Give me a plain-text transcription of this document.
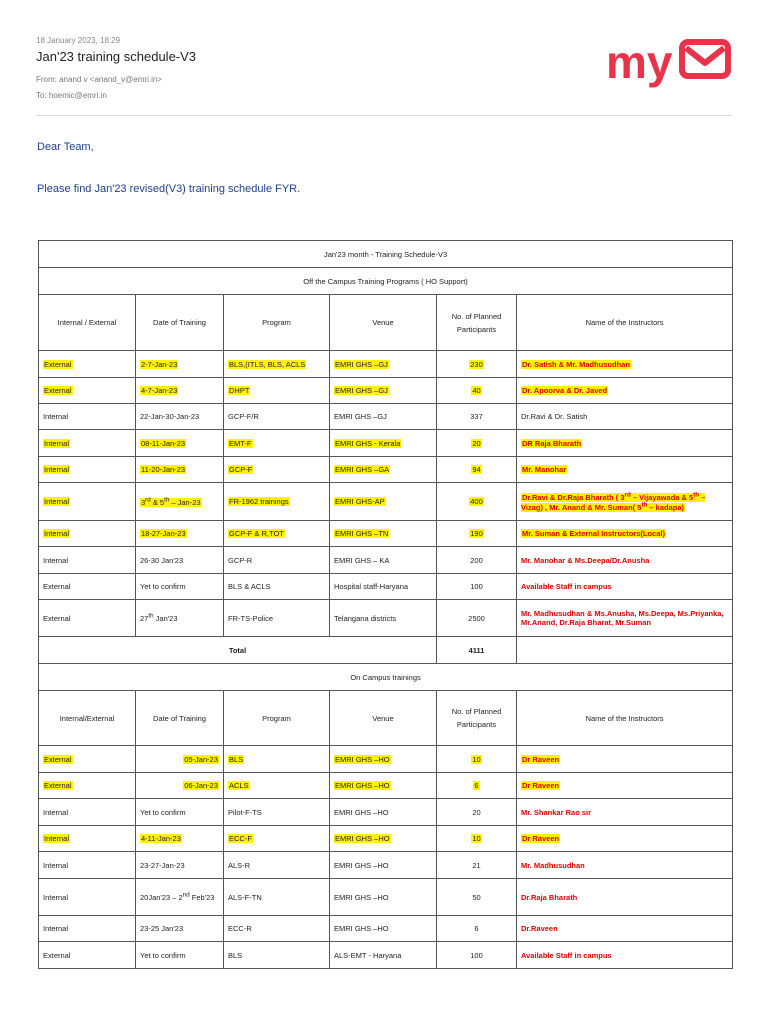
18 January 2023, 18:29
Jan'23 training schedule-V3
From: anand v <anand_v@emri.in>
To: hoemic@emri.in
my
Dear Team,
Please find Jan'23 revised(V3) training schedule FYR.
Jan'23 month - Training Schedule-V3					
Off the Campus Training Programs ( HO Support)					
Internal / External	Date of Training	Program	Venue	No. of Planned Participants	Name of the Instructors
External	2-7-Jan-23	BLS,(ITLS, BLS, ACLS	EMRI GHS –GJ	230	Dr. Satish & Mr. Madhusudhan
External	4-7-Jan-23	DHPT	EMRI GHS –GJ	40	Dr. Apoorva & Dr. Javed
Internal	22-Jan-30-Jan-23	GCP-F/R	EMRI GHS –GJ	337	Dr.Ravi & Dr. Satish
Internal	08-11-Jan-23	EMT-F	EMRI GHS - Kerala	20	DR Raja Bharath
Internal	11-20-Jan-23	GCP-F	EMRI GHS –GA	94	Mr. Manohar
Internal	3rd & 5th – Jan-23	FR-1962 trainings	EMRI GHS-AP	400	Dr.Ravi & Dr.Raja Bharath ( 3rd – Vijayawada & 5th – Vizag) , Mr. Anand & Mr. Suman( 5th – kadapa)
Internal	18-27-Jan-23	GCP-F & R,TOT	EMRI GHS –TN	190	Mr. Suman & External Instructors(Local)
Internal	26-30 Jan'23	GCP-R	EMRI GHS – KA	200	Mr. Manohar & Ms.Deepa/Dr.Anusha
External	Yet to confirm	BLS & ACLS	Hospital staff-Haryana	100	Available Staff in campus
External	27th Jan'23	FR-TS-Police	Telangana districts	2500	Mr. Madhusudhan & Ms.Anusha, Ms.Deepa, Ms.Priyanka, Mr.Anand, Dr.Raja Bharat, Mr.Suman
Total				4111	
On Campus trainings					
Internal/External	Date of Training	Program	Venue	No. of Planned Participants	Name of the Instructors
External	05-Jan-23	BLS	EMRI GHS –HO	10	Dr Raveen
External	06-Jan-23	ACLS	EMRI GHS –HO	6	Dr Raveen
Internal	Yet to confirm	Pilot-F-TS	EMRI GHS –HO	20	Mr. Shankar Rao sir
Internal	4-11-Jan-23	ECC-F	EMRI GHS –HO	10	Dr Raveen
Internal	23-27-Jan-23	ALS-R	EMRI GHS –HO	21	Mr. Madhusudhan
Internal	20Jan'23 – 2nd Feb'23	ALS-F-TN	EMRI GHS –HO	50	Dr.Raja Bharath
Internal	23-25 Jan'23	ECC-R	EMRI GHS –HO	6	Dr.Raveen
External	Yet to confirm	BLS	ALS-EMT - Haryana	100	Available Staff in campus
